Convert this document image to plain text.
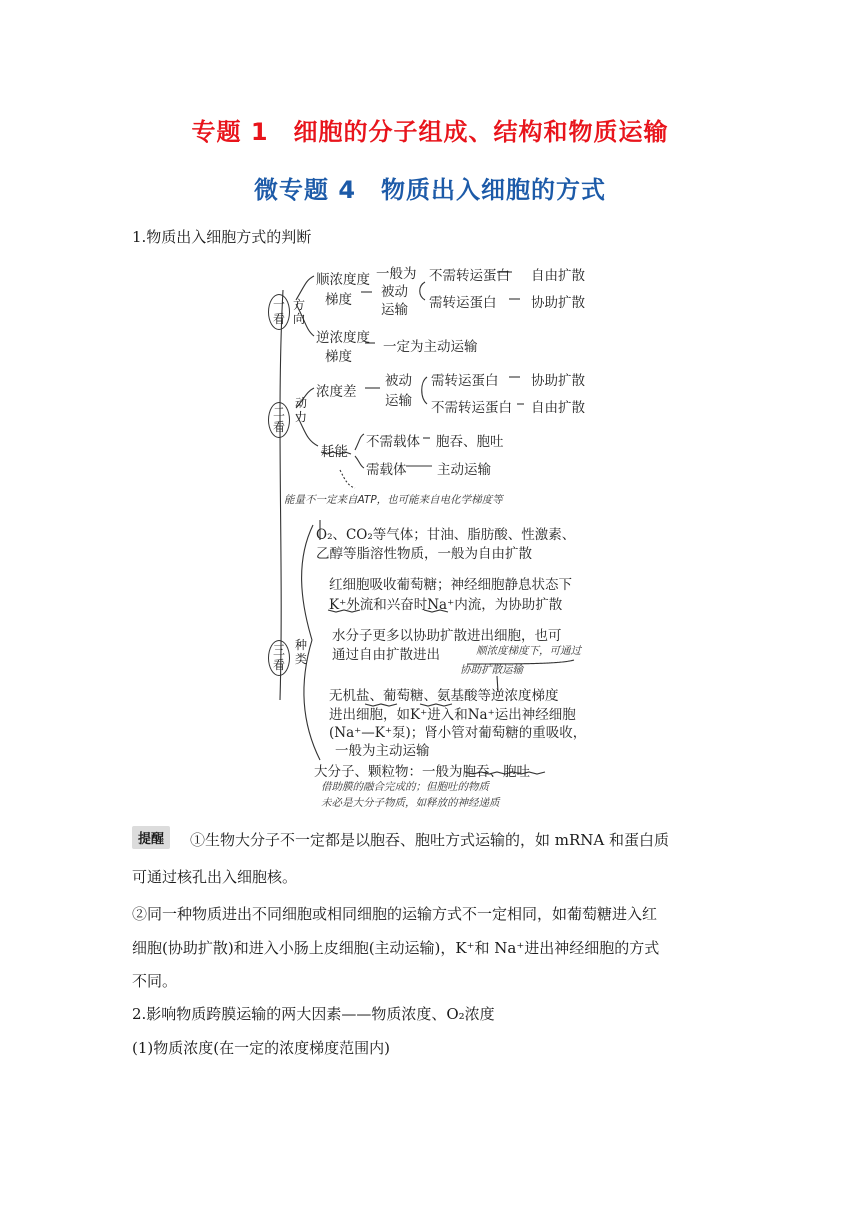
专题 1　细胞的分子组成、结构和物质运输
微专题 4　物质出入细胞的方式
1.物质出入细胞方式的判断
一看
方向
顺浓度度
梯度
一般为
被动
运输
不需转运蛋白 自由扩散
需转运蛋白	协助扩散
逆浓度度
梯度
一定为主动运输
二看
动力
浓度差
被动
运输
需转运蛋白 协助扩散
不需转运蛋白 自由扩散
耗能
不需载体 胞吞、胞吐
需载体 主动运输
能量不一定来自ATP，也可能来自电化学梯度等
三看
种类
O₂、CO₂等气体；甘油、脂肪酸、性激素、
乙醇等脂溶性物质，一般为自由扩散
红细胞吸收葡萄糖；神经细胞静息状态下
K⁺外流和兴奋时Na⁺内流，为协助扩散
水分子更多以协助扩散进出细胞，也可
通过自由扩散进出	顺浓度梯度下，可通过
协助扩散运输
无机盐、葡萄糖、氨基酸等逆浓度梯度
进出细胞，如K⁺进入和Na⁺运出神经细胞
(Na⁺—K⁺泵)；肾小管对葡萄糖的重吸收，
一般为主动运输
大分子、颗粒物：一般为胞吞、胞吐
借助膜的融合完成的；但胞吐的物质
未必是大分子物质，如释放的神经递质
提醒	①生物大分子不一定都是以胞吞、胞吐方式运输的，如 mRNA 和蛋白质
可通过核孔出入细胞核。
②同一种物质进出不同细胞或相同细胞的运输方式不一定相同，如葡萄糖进入红
细胞(协助扩散)和进入小肠上皮细胞(主动运输)，K⁺和 Na⁺进出神经细胞的方式
不同。
2.影响物质跨膜运输的两大因素——物质浓度、O₂浓度
(1)物质浓度(在一定的浓度梯度范围内)
